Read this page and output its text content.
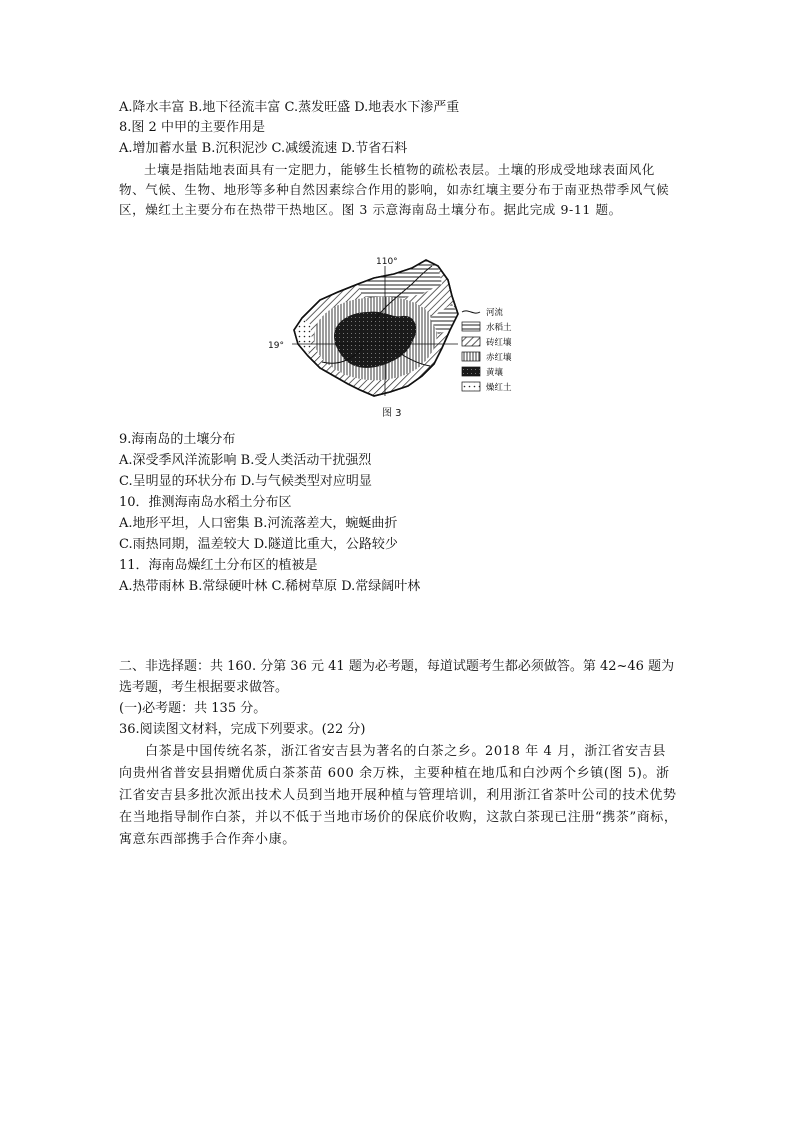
A.降水丰富 B.地下径流丰富 C.蒸发旺盛 D.地表水下渗严重
8.图 2 中甲的主要作用是
A.增加蓄水量 B.沉积泥沙 C.减缓流速 D.节省石料
土壤是指陆地表面具有一定肥力，能够生长植物的疏松表层。土壤的形成受地球表面风化物、气候、生物、地形等多种自然因素综合作用的影响，如赤红壤主要分布于南亚热带季风气候区，燥红土主要分布在热带干热地区。图 3 示意海南岛土壤分布。据此完成 9-11 题。
110°
19°
河流
水稻土
砖红壤
赤红壤
黄壤
燥红土
图 3
9.海南岛的土壤分布
A.深受季风洋流影响 B.受人类活动干扰强烈
C.呈明显的环状分布 D.与气候类型对应明显
10．推测海南岛水稻土分布区
A.地形平坦，人口密集 B.河流落差大，蜿蜒曲折
C.雨热同期，温差较大 D.隧道比重大，公路较少
11．海南岛燥红土分布区的植被是
A.热带雨林 B.常绿硬叶林 C.稀树草原 D.常绿阔叶林
二、非选择题：共 160. 分第 36 元 41 题为必考题，每道试题考生都必须做答。第 42~46 题为
选考题，考生根据要求做答。
(一)必考题：共 135 分。
36.阅读图文材料，完成下列要求。(22 分)
白茶是中国传统名茶，浙江省安吉县为著名的白茶之乡。2018 年 4 月，浙江省安吉县向贵州省普安县捐赠优质白茶茶苗 600 余万株，主要种植在地瓜和白沙两个乡镇(图 5)。浙江省安吉县多批次派出技术人员到当地开展种植与管理培训，利用浙江省茶叶公司的技术优势在当地指导制作白茶，并以不低于当地市场价的保底价收购，这款白茶现已注册“携茶”商标，寓意东西部携手合作奔小康。
